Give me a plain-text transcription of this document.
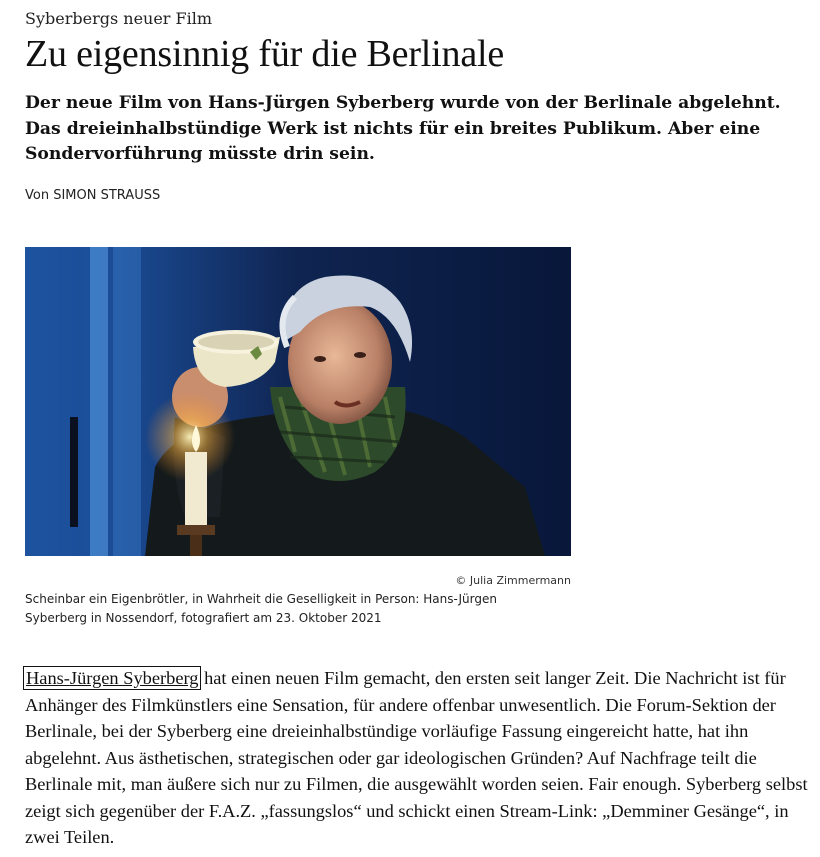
Syberbergs neuer Film

Zu eigensinnig für die Berlinale

Der neue Film von Hans-Jürgen Syberberg wurde von der Berlinale abgelehnt. Das dreieinhalbstündige Werk ist nichts für ein breites Publikum. Aber eine Sondervorführung müsste drin sein.

Von SIMON STRAUSS

© Julia Zimmermann
Scheinbar ein Eigenbrötler, in Wahrheit die Geselligkeit in Person: Hans-Jürgen Syberberg in Nossendorf, fotografiert am 23. Oktober 2021

Hans-Jürgen Syberberg hat einen neuen Film gemacht, den ersten seit langer Zeit. Die Nachricht ist für Anhänger des Filmkünstlers eine Sensation, für andere offenbar unwesentlich. Die Forum-Sektion der Berlinale, bei der Syberberg eine dreieinhalbstündige vorläufige Fassung eingereicht hatte, hat ihn abgelehnt. Aus ästhetischen, strategischen oder gar ideologischen Gründen? Auf Nachfrage teilt die Berlinale mit, man äußere sich nur zu Filmen, die ausgewählt worden seien. Fair enough. Syberberg selbst zeigt sich gegenüber der F.A.Z. „fassungslos“ und schickt einen Stream-Link: „Demminer Gesänge“, in zwei Teilen.
